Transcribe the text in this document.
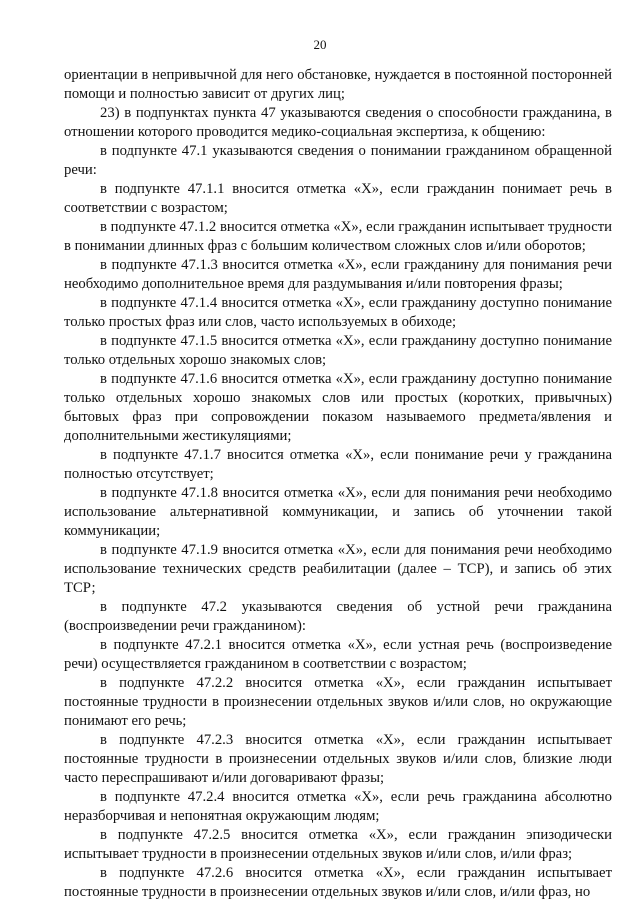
20

ориентации в непривычной для него обстановке, нуждается в постоянной посторонней помощи и полностью зависит от других лиц;

23) в подпунктах пункта 47 указываются сведения о способности гражданина, в отношении которого проводится медико-социальная экспертиза, к общению:

в подпункте 47.1 указываются сведения о понимании гражданином обращенной речи:

в подпункте 47.1.1 вносится отметка «Х», если гражданин понимает речь в соответствии с возрастом;

в подпункте 47.1.2 вносится отметка «Х», если гражданин испытывает трудности в понимании длинных фраз с большим количеством сложных слов и/или оборотов;

в подпункте 47.1.3 вносится отметка «Х», если гражданину для понимания речи необходимо дополнительное время для раздумывания и/или повторения фразы;

в подпункте 47.1.4 вносится отметка «Х», если гражданину доступно понимание только простых фраз или слов, часто используемых в обиходе;

в подпункте 47.1.5 вносится отметка «Х», если гражданину доступно понимание только отдельных хорошо знакомых слов;

в подпункте 47.1.6 вносится отметка «Х», если гражданину доступно понимание только отдельных хорошо знакомых слов или простых (коротких, привычных) бытовых фраз при сопровождении показом называемого предмета/явления и дополнительными жестикуляциями;

в подпункте 47.1.7 вносится отметка «Х», если понимание речи у гражданина полностью отсутствует;

в подпункте 47.1.8 вносится отметка «Х», если для понимания речи необходимо использование альтернативной коммуникации, и запись об уточнении такой коммуникации;

в подпункте 47.1.9 вносится отметка «Х», если для понимания речи необходимо использование технических средств реабилитации (далее – ТСР), и запись об этих ТСР;

в подпункте 47.2 указываются сведения об устной речи гражданина (воспроизведении речи гражданином):

в подпункте 47.2.1 вносится отметка «Х», если устная речь (воспроизведение речи) осуществляется гражданином в соответствии с возрастом;

в подпункте 47.2.2 вносится отметка «Х», если гражданин испытывает постоянные трудности в произнесении отдельных звуков и/или слов, но окружающие понимают его речь;

в подпункте 47.2.3 вносится отметка «Х», если гражданин испытывает постоянные трудности в произнесении отдельных звуков и/или слов, близкие люди часто переспрашивают и/или договаривают фразы;

в подпункте 47.2.4 вносится отметка «Х», если речь гражданина абсолютно неразборчивая и непонятная окружающим людям;

в подпункте 47.2.5 вносится отметка «Х», если гражданин эпизодически испытывает трудности в произнесении отдельных звуков и/или слов, и/или фраз;

в подпункте 47.2.6 вносится отметка «Х», если гражданин испытывает постоянные трудности в произнесении отдельных звуков и/или слов, и/или фраз, но
